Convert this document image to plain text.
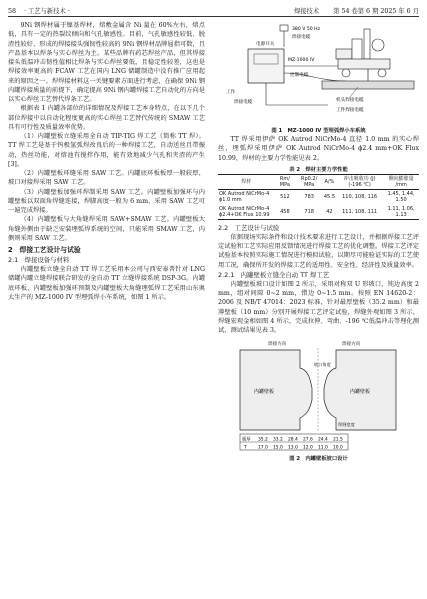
58 · 工艺与新技术 ·	焊接技术 第 54 卷第 6 期 2025 年 6 月

9Ni 钢焊材属于镍基焊材，熔敷金属含 Ni 量在 60%左右，熔点低，具有一定的热裂纹倾向和气孔敏感性。目前，气孔敏感性较低、脱渣性较好、形成的焊接接头强韧性较高的 9Ni 钢焊材品牌屈指可数，且产品基本以焊条与实心焊丝为主。某些品牌有药芯焊丝产品，但其焊接接头低温冲击韧性值相比焊条与实心焊丝要低，且稳定性较差，这也是焊接效率更高的 FCAW 工艺在国内 LNG 储罐制造中没有推广应用起来的原因之一。焊焊接材料这一关键要素方面进行考虑，在确保 9Ni 钢内罐焊接质量的前提下，确定提高 9Ni 钢内罐焊接工艺自动化的方向是以实心焊丝工艺替代焊条工艺。

根据表 1 内罐各部位的详细情况及焊接工艺本身特点，在以下几个部位焊接中以自动化程度更高的实心焊丝工艺替代传统的 SMAW 工艺具有可行性及质量效率优势。

（1）内罐壁板立缝采用全自动 TIP-TIG 焊工艺（简称 TT 焊）。TT 焊工艺是基于钨极氩弧焊改良后的一种焊接工艺，自动送丝且带振动，热丝功能，对熔池有搅拌作用，能有效地减少气孔和夹渣的产生[3]。

（2）内罐壁板环缝采用 SAW 工艺。内罐底环板板厚一般较厚，坡口对接焊采用 SAW 工艺。

（3）内罐壁板加强环焊制采用 SAW 工艺。内罐壁板加强环与内罐壁板以双面角焊缝连接，焊脚高度一般为 6 mm，采用 SAW 工艺可一遍完成焊接。

（4）内罐壁板与大角缝焊采用 SAW+SMAW 工艺。内罐壁板大角缝外侧由于缺乏安装埋弧焊系统的空间，只能采用 SMAW 工艺，内侧则采用 SAW 工艺。

2　焊接工艺设计与试验
2.1　焊接设备与材料

内罐壁板立缝全自动 TT 焊工艺采用本公司与西安泰普针对 LNG 储罐内罐立缝焊接联合研发的全自动 TT 立缝焊接系统 DSP-3G。内罐底环板、内罐壁板加强环预制及内罐壁板大角缝埋弧焊工艺采用山东奥太生产的 MZ-1000 IV 型埋弧焊小车系统，如图 1 所示。

380 V 50 Hz
焊接电缆
电源开关
MZ-1000 IV
控制电缆
工作
焊接电缆	机头焊接电缆
工件焊接电缆
图 1　MZ-1000 IV 型埋弧焊小车系统

TT 焊采用伊萨 OK Autrod NiCrMo-4 直径 1.0 mm 的实心焊丝，埋弧焊采用伊萨 OK Autrod NiCrMo-4 ϕ2.4 mm+OK Flux 10.99，焊材的主要力学性能见表 2。

表 2　焊材主要力学性能
焊材	Rm/ MPa	Rp0.2/ MPa	A/%	冲击吸收功 (J)(-196 ℃)	侧向膨胀量 /mm
OK Autrod NiCrMo-4 ϕ1.0 mm	512	783	45.5	110, 108, 116	1.45, 1.44, 1.50
OK Autrod NiCrMo-4 ϕ2.4+OK Flux 10.99	458	718	42	111, 108, 111	1.11, 1.06, 1.13
2.2　工艺设计与试验

依据现场实际条件和设计技术要求进行工艺设计，并根据焊接工艺评定试验和工艺实际应用反馈情况进行焊接工艺的优化调整。焊接工艺评定试验基本按照实际施工情况进行模拟试验，以期尽可能验证实际的工艺使用工况，确保所开发的焊接工艺的适用性、安全性、经济性及质量效率。

2.2.1　内罐壁板立缝全自动 TT 焊工艺

内罐壁板坡口设计如图 2 所示，采用对称双 U 形坡口，钝边高度 2 mm，组对间隙 0~2 mm，错边 0~1.5 mm。按照 EN 14620-2：2006 及 NB/T 47014：2023 标准，针对最厚壁板（35.2 mm）和最薄壁板（10 mm）分别开展焊接工艺评定试验，焊缝外观如图 3 所示，焊缝宏观金相如图 4 所示，完成拉伸、弯曲、-196 ℃低温冲击等理化测试，测试结果见表 3。

焊接方向	焊接方向
内罐壁板	内罐壁板
坡口角度
焊缝宽度
板厚 35.2 33.2 28.4 27.6 24.4 21.5
T	17.0 15.0 13.0 12.0 11.0 10.0
图 2　内罐壁板坡口设计
